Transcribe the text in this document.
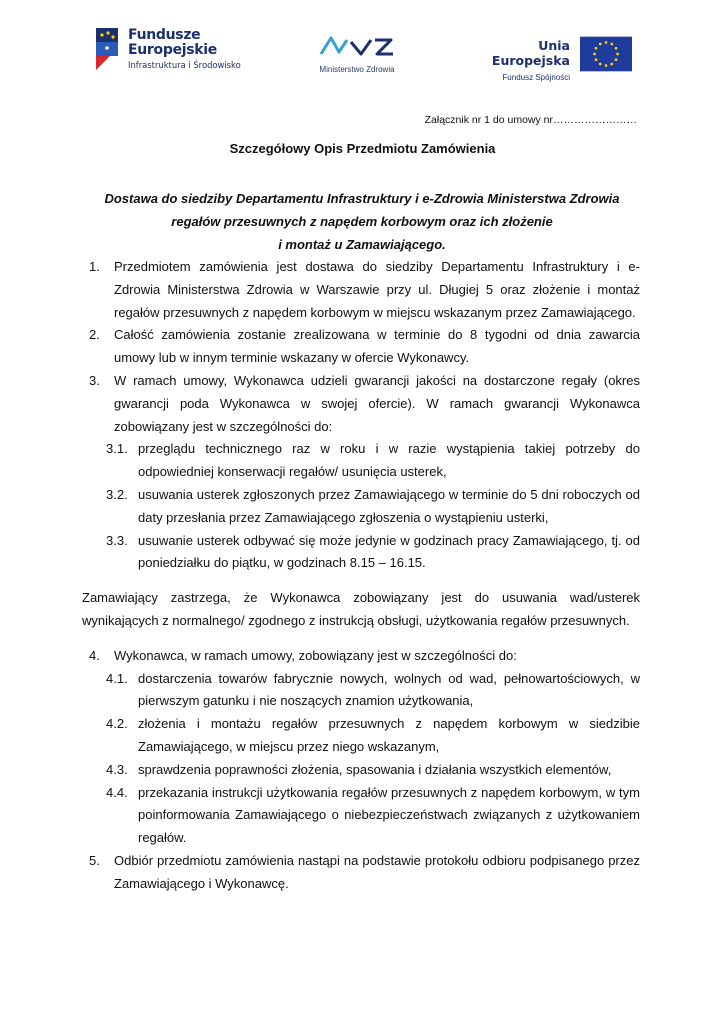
Fundusze
Europejskie
Infrastruktura i Środowisko	Ministerstwo Zdrowia
Unia Europejska
Fundusz Spójności
Załącznik nr 1 do umowy nr……………………
Szczegółowy Opis Przedmiotu Zamówienia
Dostawa do siedziby Departamentu Infrastruktury i e-Zdrowia Ministerstwa Zdrowia
regałów przesuwnych z napędem korbowym oraz ich złożenie
i montaż u Zamawiającego.
1. Przedmiotem zamówienia jest dostawa do siedziby Departamentu Infrastruktury i e-Zdrowia Ministerstwa Zdrowia w Warszawie przy ul. Długiej 5 oraz złożenie i montaż regałów przesuwnych z napędem korbowym w miejscu wskazanym przez Zamawiającego.
2. Całość zamówienia zostanie zrealizowana w terminie do 8 tygodni od dnia zawarcia umowy lub w innym terminie wskazany w ofercie Wykonawcy.
3. W ramach umowy, Wykonawca udzieli gwarancji jakości na dostarczone regały (okres gwarancji poda Wykonawca w swojej ofercie). W ramach gwarancji Wykonawca zobowiązany jest w szczególności do:
3.1. przeglądu technicznego raz w roku i w razie wystąpienia takiej potrzeby do odpowiedniej konserwacji regałów/ usunięcia usterek,
3.2. usuwania usterek zgłoszonych przez Zamawiającego w terminie do 5 dni roboczych od daty przesłania przez Zamawiającego zgłoszenia o wystąpieniu usterki,
3.3. usuwanie usterek odbywać się może jedynie w godzinach pracy Zamawiającego, tj. od poniedziałku do piątku, w godzinach 8.15 – 16.15.
Zamawiający zastrzega, że Wykonawca zobowiązany jest do usuwania wad/usterek wynikających z normalnego/ zgodnego z instrukcją obsługi, użytkowania regałów przesuwnych.
4. Wykonawca, w ramach umowy, zobowiązany jest w szczególności do:
4.1. dostarczenia towarów fabrycznie nowych, wolnych od wad, pełnowartościowych, w pierwszym gatunku i nie noszących znamion użytkowania,
4.2. złożenia i montażu regałów przesuwnych z napędem korbowym w siedzibie Zamawiającego, w miejscu przez niego wskazanym,
4.3. sprawdzenia poprawności złożenia, spasowania i działania wszystkich elementów,
4.4. przekazania instrukcji użytkowania regałów przesuwnych z napędem korbowym, w tym poinformowania Zamawiającego o niebezpieczeństwach związanych z użytkowaniem regałów.
5. Odbiór przedmiotu zamówienia nastąpi na podstawie protokołu odbioru podpisanego przez Zamawiającego i Wykonawcę.
